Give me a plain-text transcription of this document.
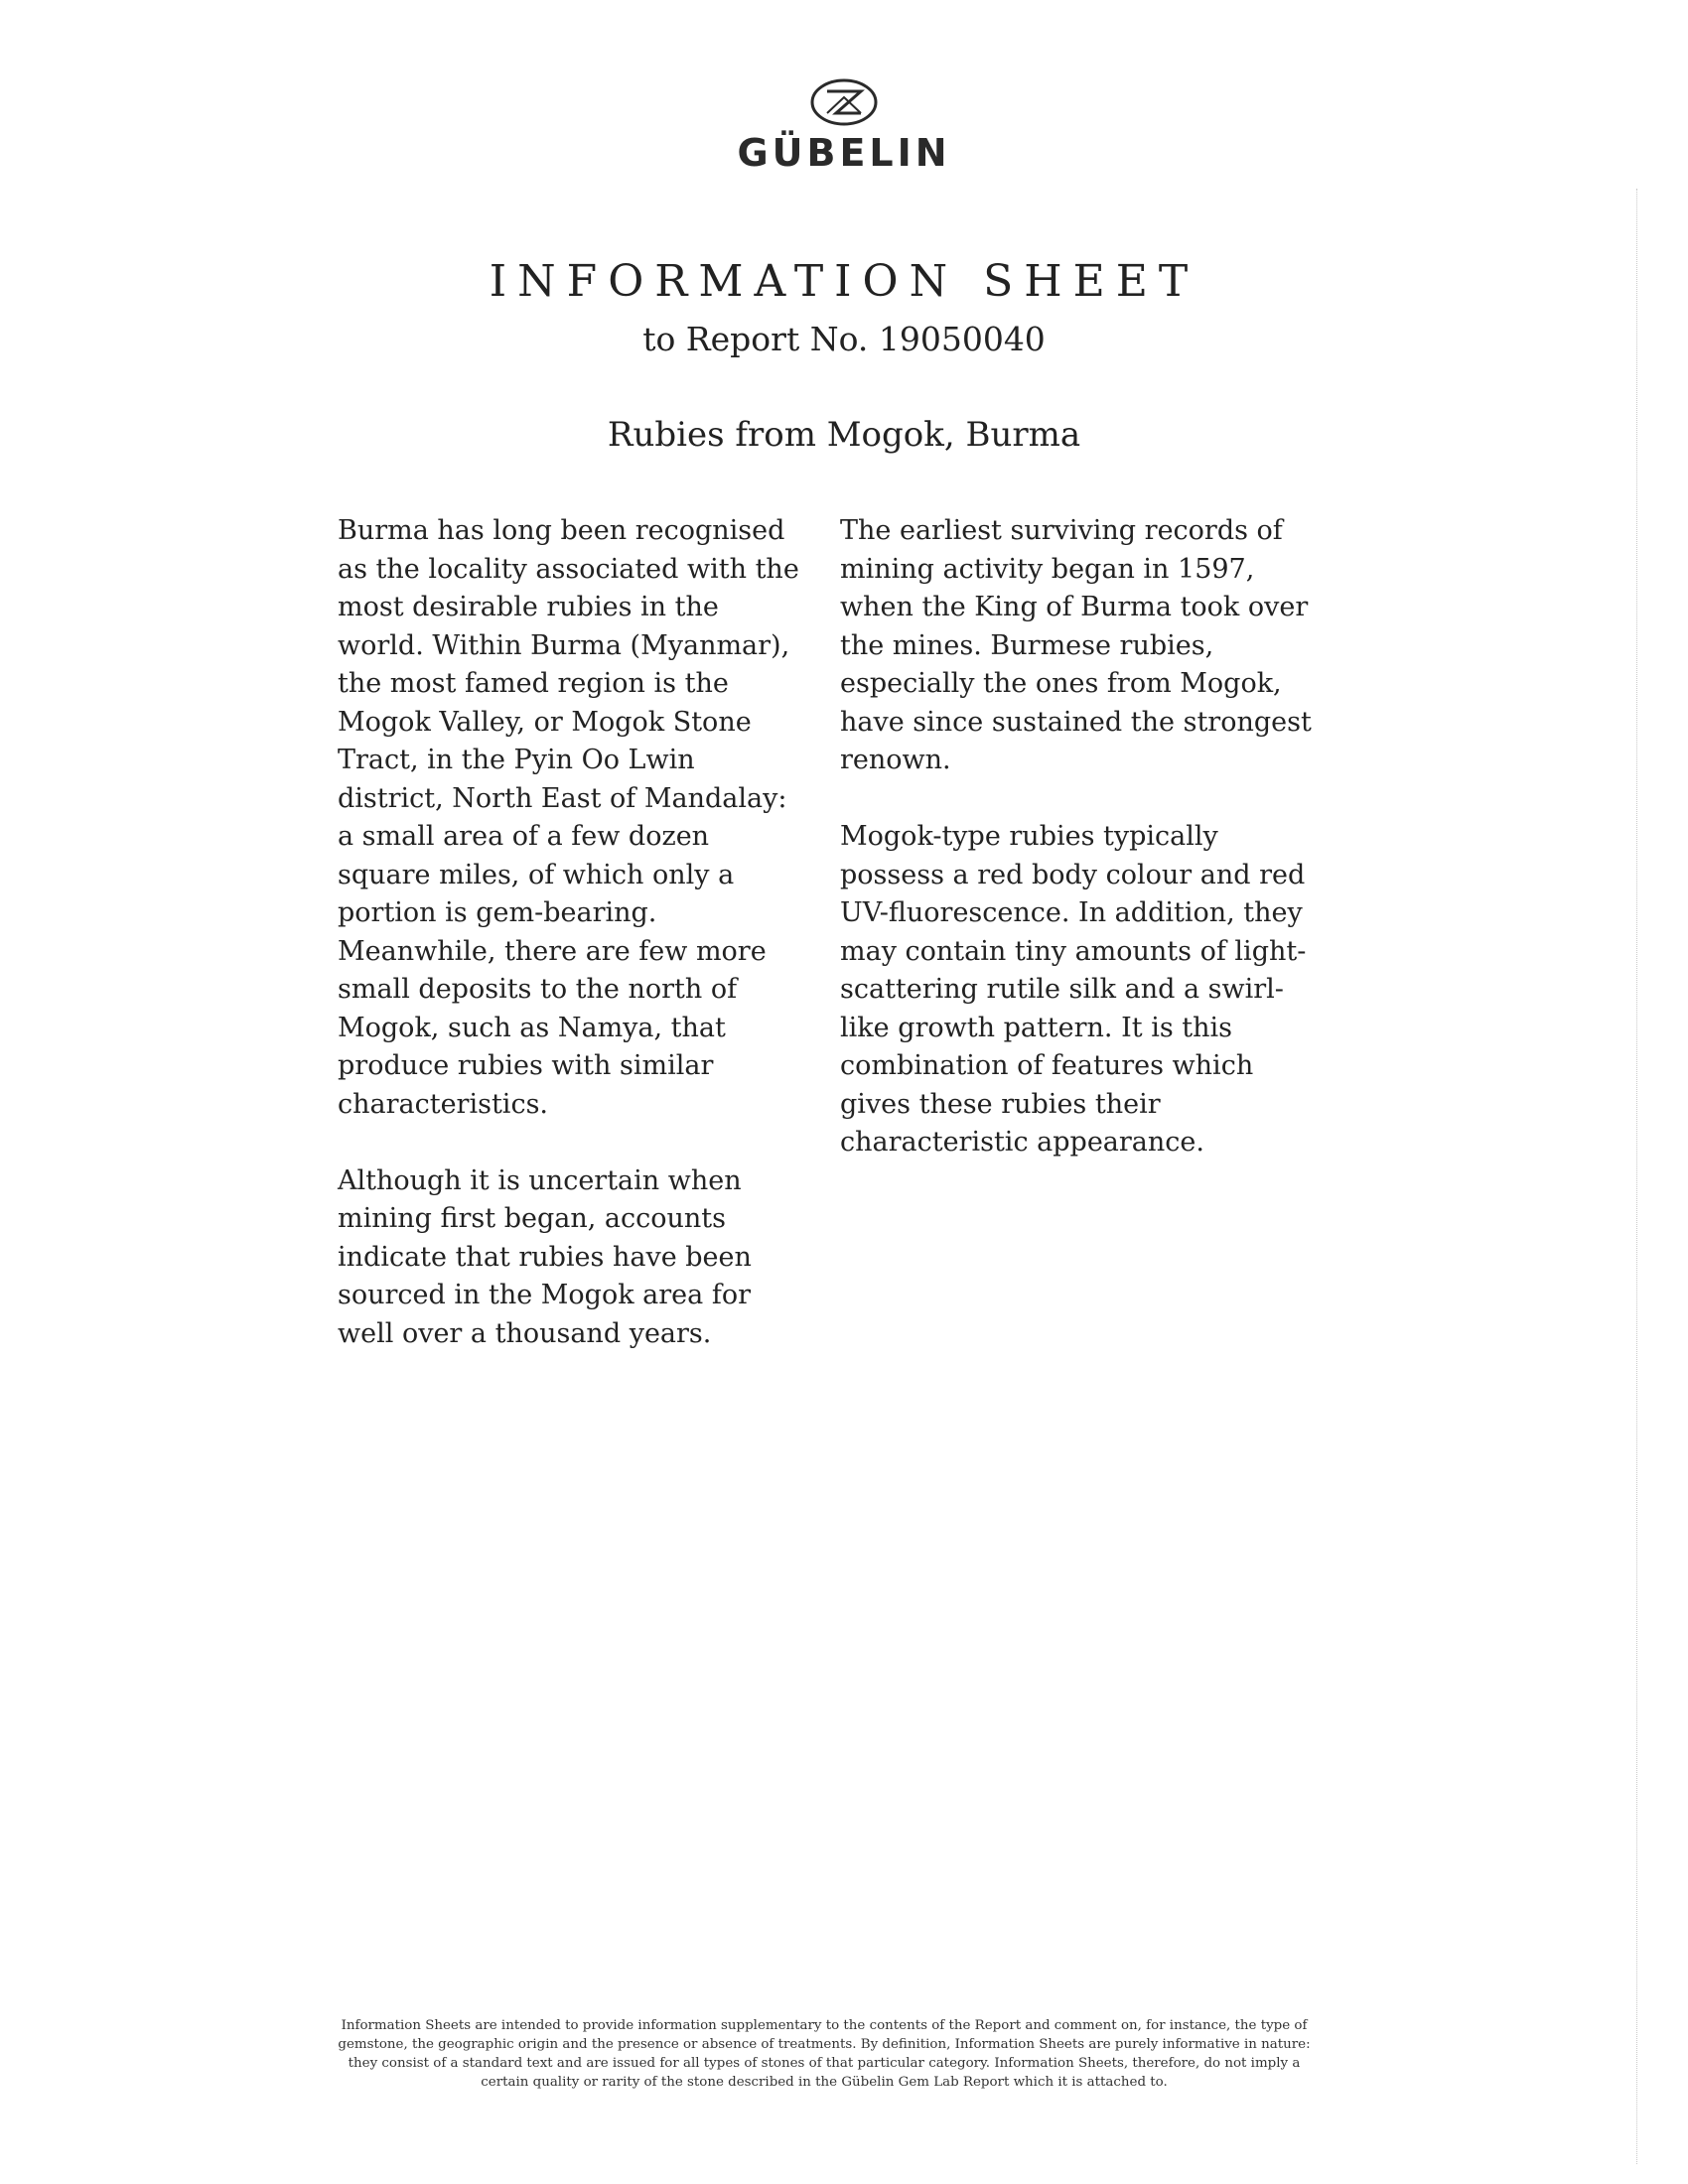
GÜBELIN
INFORMATION SHEET
to Report No. 19050040
Rubies from Mogok, Burma

Burma has long been recognised as the locality associated with the most desirable rubies in the world. Within Burma (Myanmar), the most famed region is the Mogok Valley, or Mogok Stone Tract, in the Pyin Oo Lwin district, North East of Mandalay: a small area of a few dozen square miles, of which only a portion is gem-bearing. Meanwhile, there are few more small deposits to the north of Mogok, such as Namya, that produce rubies with similar characteristics.

Although it is uncertain when mining first began, accounts indicate that rubies have been sourced in the Mogok area for well over a thousand years.

The earliest surviving records of mining activity began in 1597, when the King of Burma took over the mines. Burmese rubies, especially the ones from Mogok, have since sustained the strongest renown.

Mogok-type rubies typically possess a red body colour and red UV-fluorescence. In addition, they may contain tiny amounts of light-scattering rutile silk and a swirl-like growth pattern. It is this combination of features which gives these rubies their characteristic appearance.

Information Sheets are intended to provide information supplementary to the contents of the Report and comment on, for instance, the type of gemstone, the geographic origin and the presence or absence of treatments. By definition, Information Sheets are purely informative in nature: they consist of a standard text and are issued for all types of stones of that particular category. Information Sheets, therefore, do not imply a certain quality or rarity of the stone described in the Gübelin Gem Lab Report which it is attached to.
